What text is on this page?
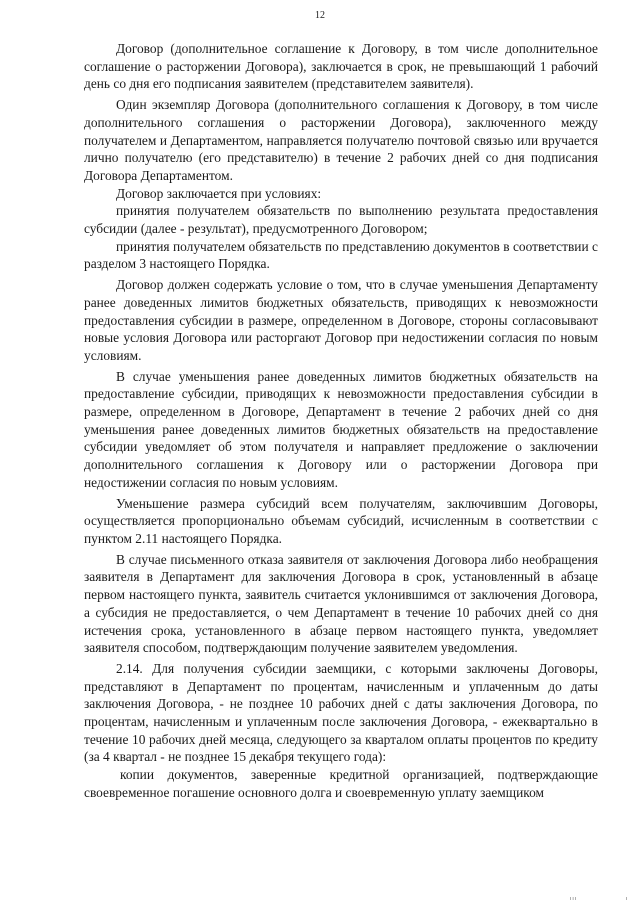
12

Договор (дополнительное соглашение к Договору, в том числе дополнительное соглашение о расторжении Договора), заключается в срок, не превышающий 1 рабочий день со дня его подписания заявителем (представителем заявителя).

Один экземпляр Договора (дополнительного соглашения к Договору, в том числе дополнительного соглашения о расторжении Договора), заключенного между получателем и Департаментом, направляется получателю почтовой связью или вручается лично получателю (его представителю) в течение 2 рабочих дней со дня подписания Договора Департаментом.

Договор заключается при условиях:

принятия получателем обязательств по выполнению результата предоставления субсидии (далее - результат), предусмотренного Договором;

принятия получателем обязательств по представлению документов в соответствии с разделом 3 настоящего Порядка.

Договор должен содержать условие о том, что в случае уменьшения Департаменту ранее доведенных лимитов бюджетных обязательств, приводящих к невозможности предоставления субсидии в размере, определенном в Договоре, стороны согласовывают новые условия Договора или расторгают Договор при недостижении согласия по новым условиям.

В случае уменьшения ранее доведенных лимитов бюджетных обязательств на предоставление субсидии, приводящих к невозможности предоставления субсидии в размере, определенном в Договоре, Департамент в течение 2 рабочих дней со дня уменьшения ранее доведенных лимитов бюджетных обязательств на предоставление субсидии уведомляет об этом получателя и направляет предложение о заключении дополнительного соглашения к Договору или о расторжении Договора при недостижении согласия по новым условиям.

Уменьшение размера субсидий всем получателям, заключившим Договоры, осуществляется пропорционально объемам субсидий, исчисленным в соответствии с пунктом 2.11 настоящего Порядка.

В случае письменного отказа заявителя от заключения Договора либо необращения заявителя в Департамент для заключения Договора в срок, установленный в абзаце первом настоящего пункта, заявитель считается уклонившимся от заключения Договора, а субсидия не предоставляется, о чем Департамент в течение 10 рабочих дней со дня истечения срока, установленного в абзаце первом настоящего пункта, уведомляет заявителя способом, подтверждающим получение заявителем уведомления.

2.14. Для получения субсидии заемщики, с которыми заключены Договоры, представляют в Департамент по процентам, начисленным и уплаченным до даты заключения Договора, - не позднее 10 рабочих дней с даты заключения Договора, по процентам, начисленным и уплаченным после заключения Договора, - ежеквартально в течение 10 рабочих дней месяца, следующего за кварталом оплаты процентов по кредиту (за 4 квартал - не позднее 15 декабря текущего года):

копии документов, заверенные кредитной организацией, подтверждающие своевременное погашение основного долга и своевременную уплату заемщиком

ııı	ı
